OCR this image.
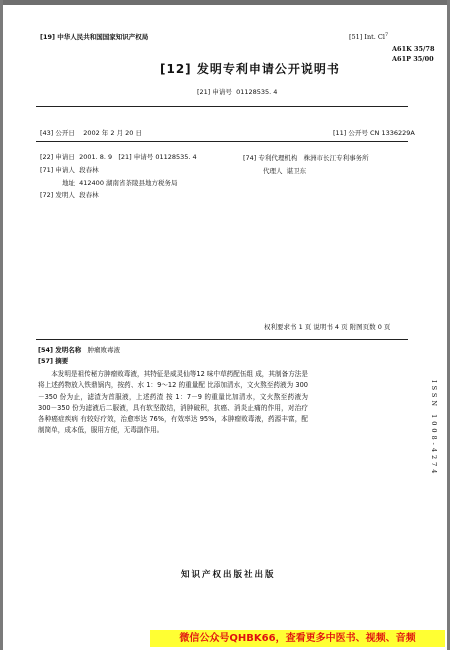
[19] 中华人民共和国国家知识产权局	[51] Int. Cl$^7$
A61K 35/78
A61P 35/00
[12] 发明专利申请公开说明书
[21] 申请号 01128535. 4
[43] 公开日 2002 年 2 月 20 日	[11] 公开号 CN 1336229A
[22] 申请日 2001. 8. 9 [21] 申请号 01128535. 4
[71] 申请人 段春林
地址 412400 湖南省茶陵县地方税务局
[72] 发明人 段春林
[74] 专利代理机构 株洲市长江专利事务所
代理人 谌卫东
权利要求书 1 页 说明书 4 页 附图页数 0 页
[54] 发明名称 肿瘤败毒液
[57] 摘要

本发明是祖传秘方肿瘤败毒液，其特征是威灵仙等12 味中草药配伍组 成，其制备方法是将上述药物放入铁鼎锅内，按药、水 1：9～12 的重量配 比添加清水，文火熬至药液为 300－350 份为止，滤渣为首服液，上述药渣 按 1：7－9 的重量比加清水，文火熬至药液为 300－350 份为滤液后二服液，具有软坚散结，消肿破积，抗癌、消炎止痛的作用，对治疗各种癌症疾病 有较好疗效，治愈率达 76%，有效率达 95%，本肿瘤败毒液，药源丰富，配制简单，成本低，服用方便，无毒副作用。	ISSN 1008-4274
知识产权出版社出版
微信公众号QHBK66，查看更多中医书、视频、音频
